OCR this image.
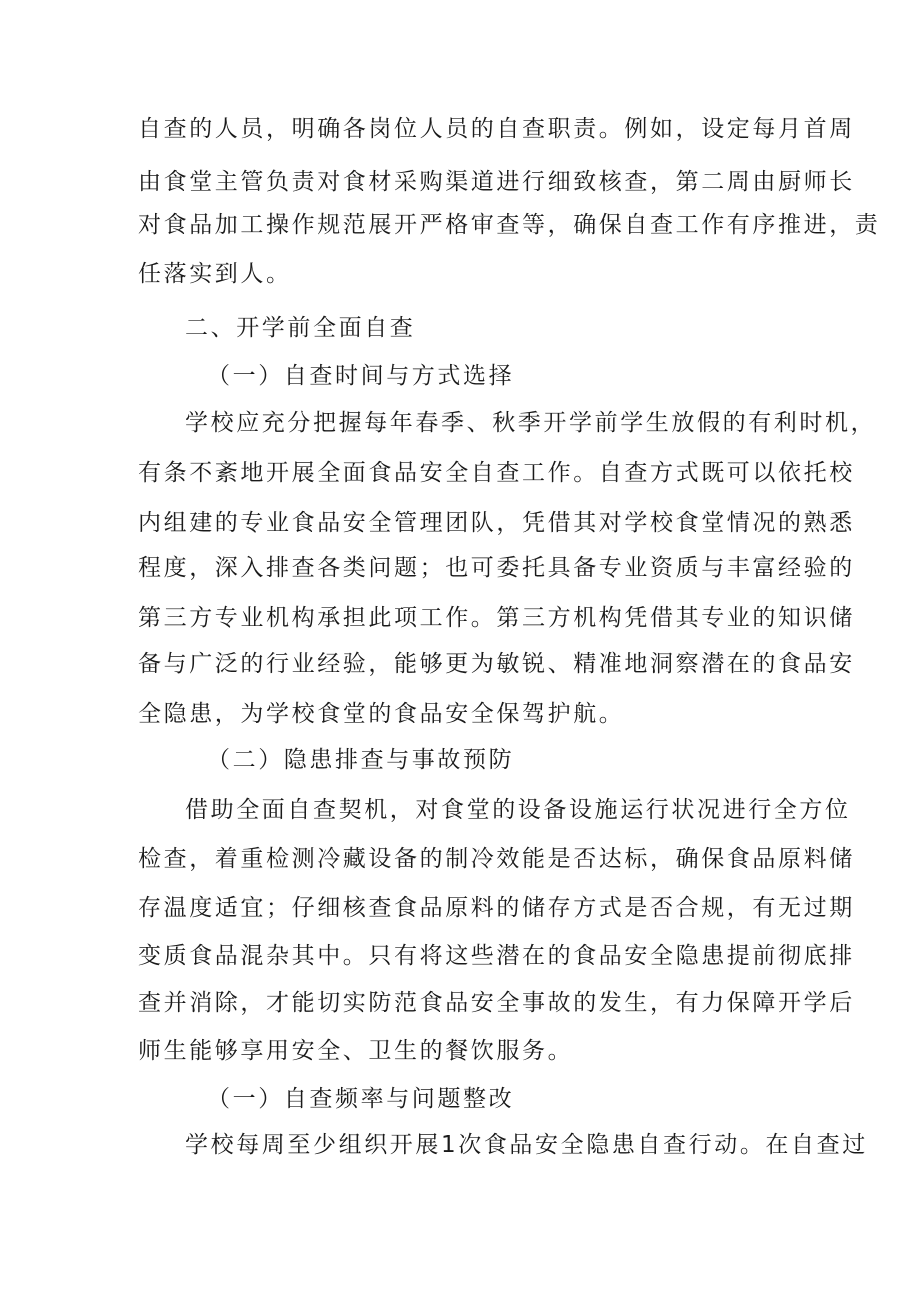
自查的人员，明确各岗位人员的自查职责。例如，设定每月首周
由食堂主管负责对食材采购渠道进行细致核查，第二周由厨师长
对食品加工操作规范展开严格审查等，确保自查工作有序推进，责
任落实到人。
二、开学前全面自查
（一）自查时间与方式选择
学校应充分把握每年春季、秋季开学前学生放假的有利时机，
有条不紊地开展全面食品安全自查工作。自查方式既可以依托校
内组建的专业食品安全管理团队，凭借其对学校食堂情况的熟悉
程度，深入排查各类问题；也可委托具备专业资质与丰富经验的
第三方专业机构承担此项工作。第三方机构凭借其专业的知识储
备与广泛的行业经验，能够更为敏锐、精准地洞察潜在的食品安
全隐患，为学校食堂的食品安全保驾护航。
（二）隐患排查与事故预防
借助全面自查契机，对食堂的设备设施运行状况进行全方位
检查，着重检测冷藏设备的制冷效能是否达标，确保食品原料储
存温度适宜；仔细核查食品原料的储存方式是否合规，有无过期
变质食品混杂其中。只有将这些潜在的食品安全隐患提前彻底排
查并消除，才能切实防范食品安全事故的发生，有力保障开学后
师生能够享用安全、卫生的餐饮服务。
（一）自查频率与问题整改
学校每周至少组织开展1次食品安全隐患自查行动。在自查过
